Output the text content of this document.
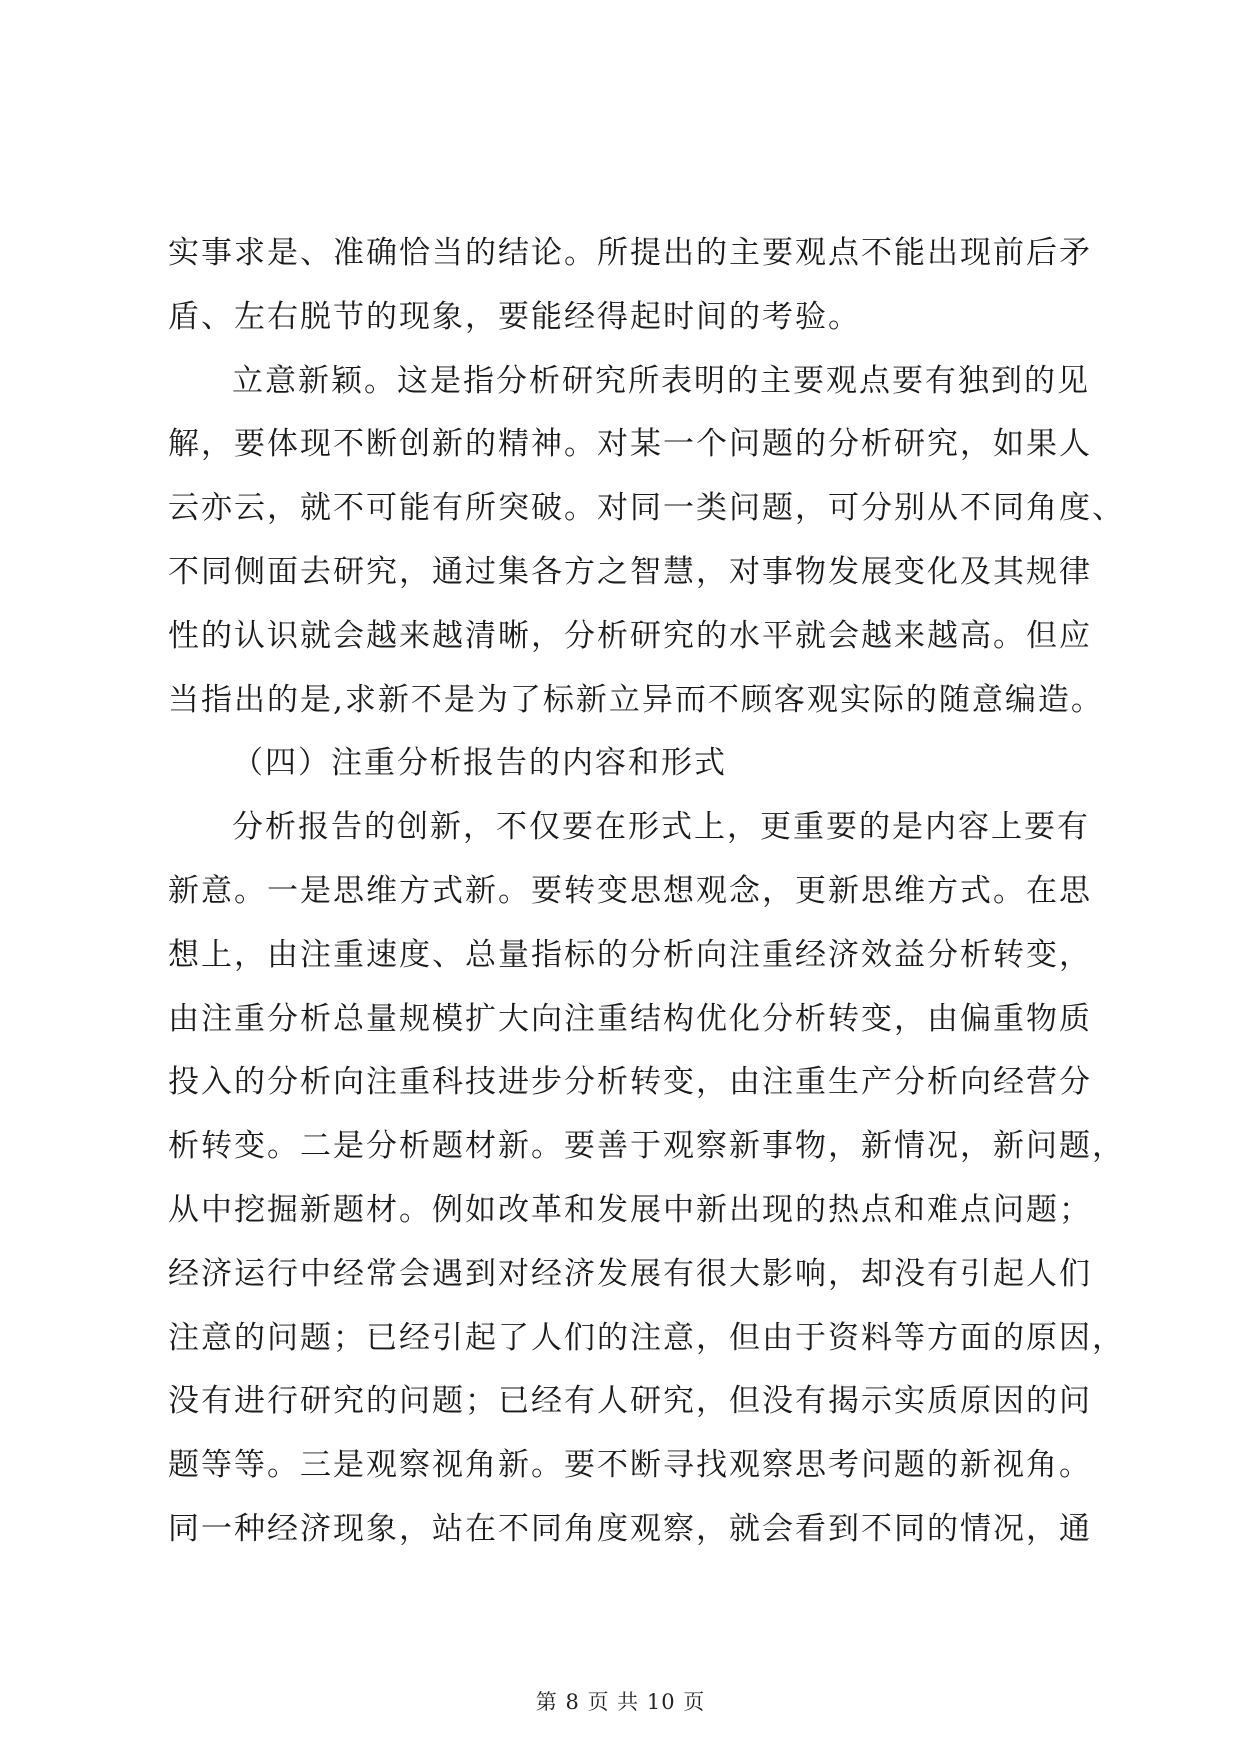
实事求是、准确恰当的结论。所提出的主要观点不能出现前后矛
盾、左右脱节的现象，要能经得起时间的考验。
立意新颖。这是指分析研究所表明的主要观点要有独到的见
解，要体现不断创新的精神。对某一个问题的分析研究，如果人
云亦云，就不可能有所突破。对同一类问题，可分别从不同角度、
不同侧面去研究，通过集各方之智慧，对事物发展变化及其规律
性的认识就会越来越清晰，分析研究的水平就会越来越高。但应
当指出的是,求新不是为了标新立异而不顾客观实际的随意编造。
（四）注重分析报告的内容和形式
分析报告的创新，不仅要在形式上，更重要的是内容上要有
新意。一是思维方式新。要转变思想观念，更新思维方式。在思
想上，由注重速度、总量指标的分析向注重经济效益分析转变，
由注重分析总量规模扩大向注重结构优化分析转变，由偏重物质
投入的分析向注重科技进步分析转变，由注重生产分析向经营分
析转变。二是分析题材新。要善于观察新事物，新情况，新问题，
从中挖掘新题材。例如改革和发展中新出现的热点和难点问题；
经济运行中经常会遇到对经济发展有很大影响，却没有引起人们
注意的问题；已经引起了人们的注意，但由于资料等方面的原因，
没有进行研究的问题；已经有人研究，但没有揭示实质原因的问
题等等。三是观察视角新。要不断寻找观察思考问题的新视角。
同一种经济现象，站在不同角度观察，就会看到不同的情况，通
第 8 页 共 10 页
